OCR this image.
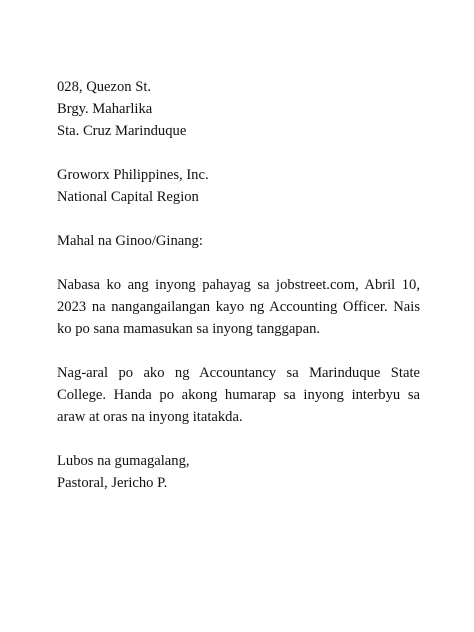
028, Quezon St.
Brgy. Maharlika
Sta. Cruz Marinduque
Groworx Philippines, Inc.
National Capital Region
Mahal na Ginoo/Ginang:

Nabasa ko ang inyong pahayag sa jobstreet.com, Abril 10, 2023 na nangangailangan kayo ng Accounting Officer. Nais ko po sana mamasukan sa inyong tanggapan.

Nag-aral po ako ng Accountancy sa Marinduque State College. Handa po akong humarap sa inyong interbyu sa araw at oras na inyong itatakda.

Lubos na gumagalang,
Pastoral, Jericho P.
